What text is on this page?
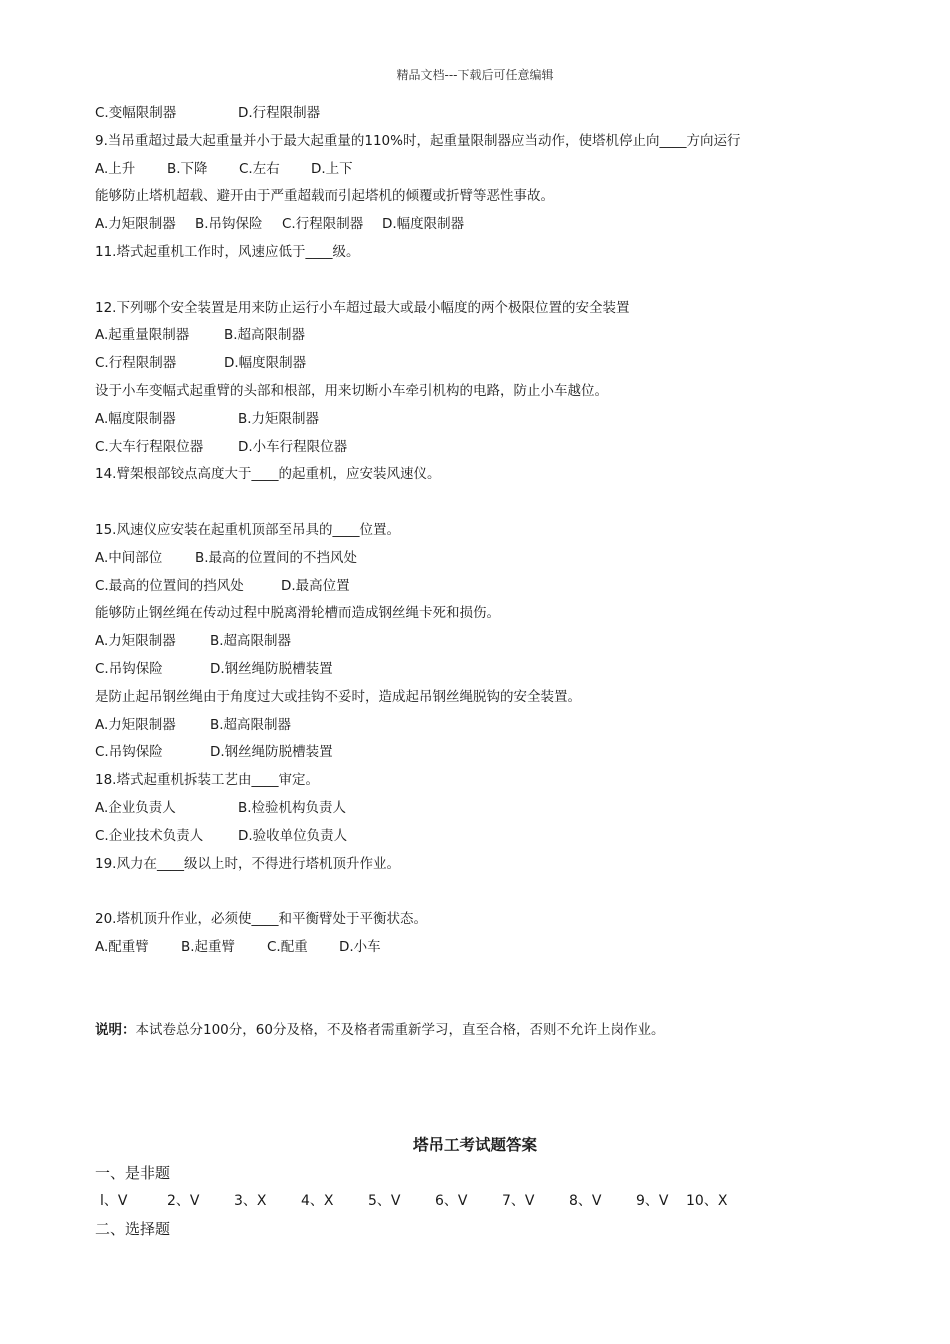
精品文档---下载后可任意编辑
C.变幅限制器	D.行程限制器
9.当吊重超过最大起重量并小于最大起重量的110%时，起重量限制器应当动作，使塔机停止向____方向运行
A.上升	B.下降	C.左右	D.上下
能够防止塔机超载、避开由于严重超载而引起塔机的倾覆或折臂等恶性事故。
A.力矩限制器	B.吊钩保险	C.行程限制器	D.幅度限制器
11.塔式起重机工作时，风速应低于____级。
12.下列哪个安全装置是用来防止运行小车超过最大或最小幅度的两个极限位置的安全装置
A.起重量限制器	B.超高限制器
C.行程限制器	D.幅度限制器
设于小车变幅式起重臂的头部和根部，用来切断小车牵引机构的电路，防止小车越位。
A.幅度限制器	B.力矩限制器
C.大车行程限位器	D.小车行程限位器
14.臂架根部铰点高度大于____的起重机，应安装风速仪。
15.风速仪应安装在起重机顶部至吊具的____位置。
A.中间部位	B.最高的位置间的不挡风处
C.最高的位置间的挡风处	D.最高位置
能够防止钢丝绳在传动过程中脱离滑轮槽而造成钢丝绳卡死和损伤。
A.力矩限制器	B.超高限制器
C.吊钩保险	D.钢丝绳防脱槽装置
是防止起吊钢丝绳由于角度过大或挂钩不妥时，造成起吊钢丝绳脱钩的安全装置。
A.力矩限制器	B.超高限制器
C.吊钩保险	D.钢丝绳防脱槽装置
18.塔式起重机拆装工艺由____审定。
A.企业负责人	B.检验机构负责人
C.企业技术负责人	D.验收单位负责人
19.风力在____级以上时，不得进行塔机顶升作业。
20.塔机顶升作业，必须使____和平衡臂处于平衡状态。
A.配重臂	B.起重臂	C.配重	D.小车
说明：本试卷总分100分，60分及格，不及格者需重新学习，直至合格，否则不允许上岗作业。
塔吊工考试题答案
一、是非题
l、V	2、V	3、X	4、X	5、V	6、V	7、V	8、V	9、V	10、X
二、选择题
